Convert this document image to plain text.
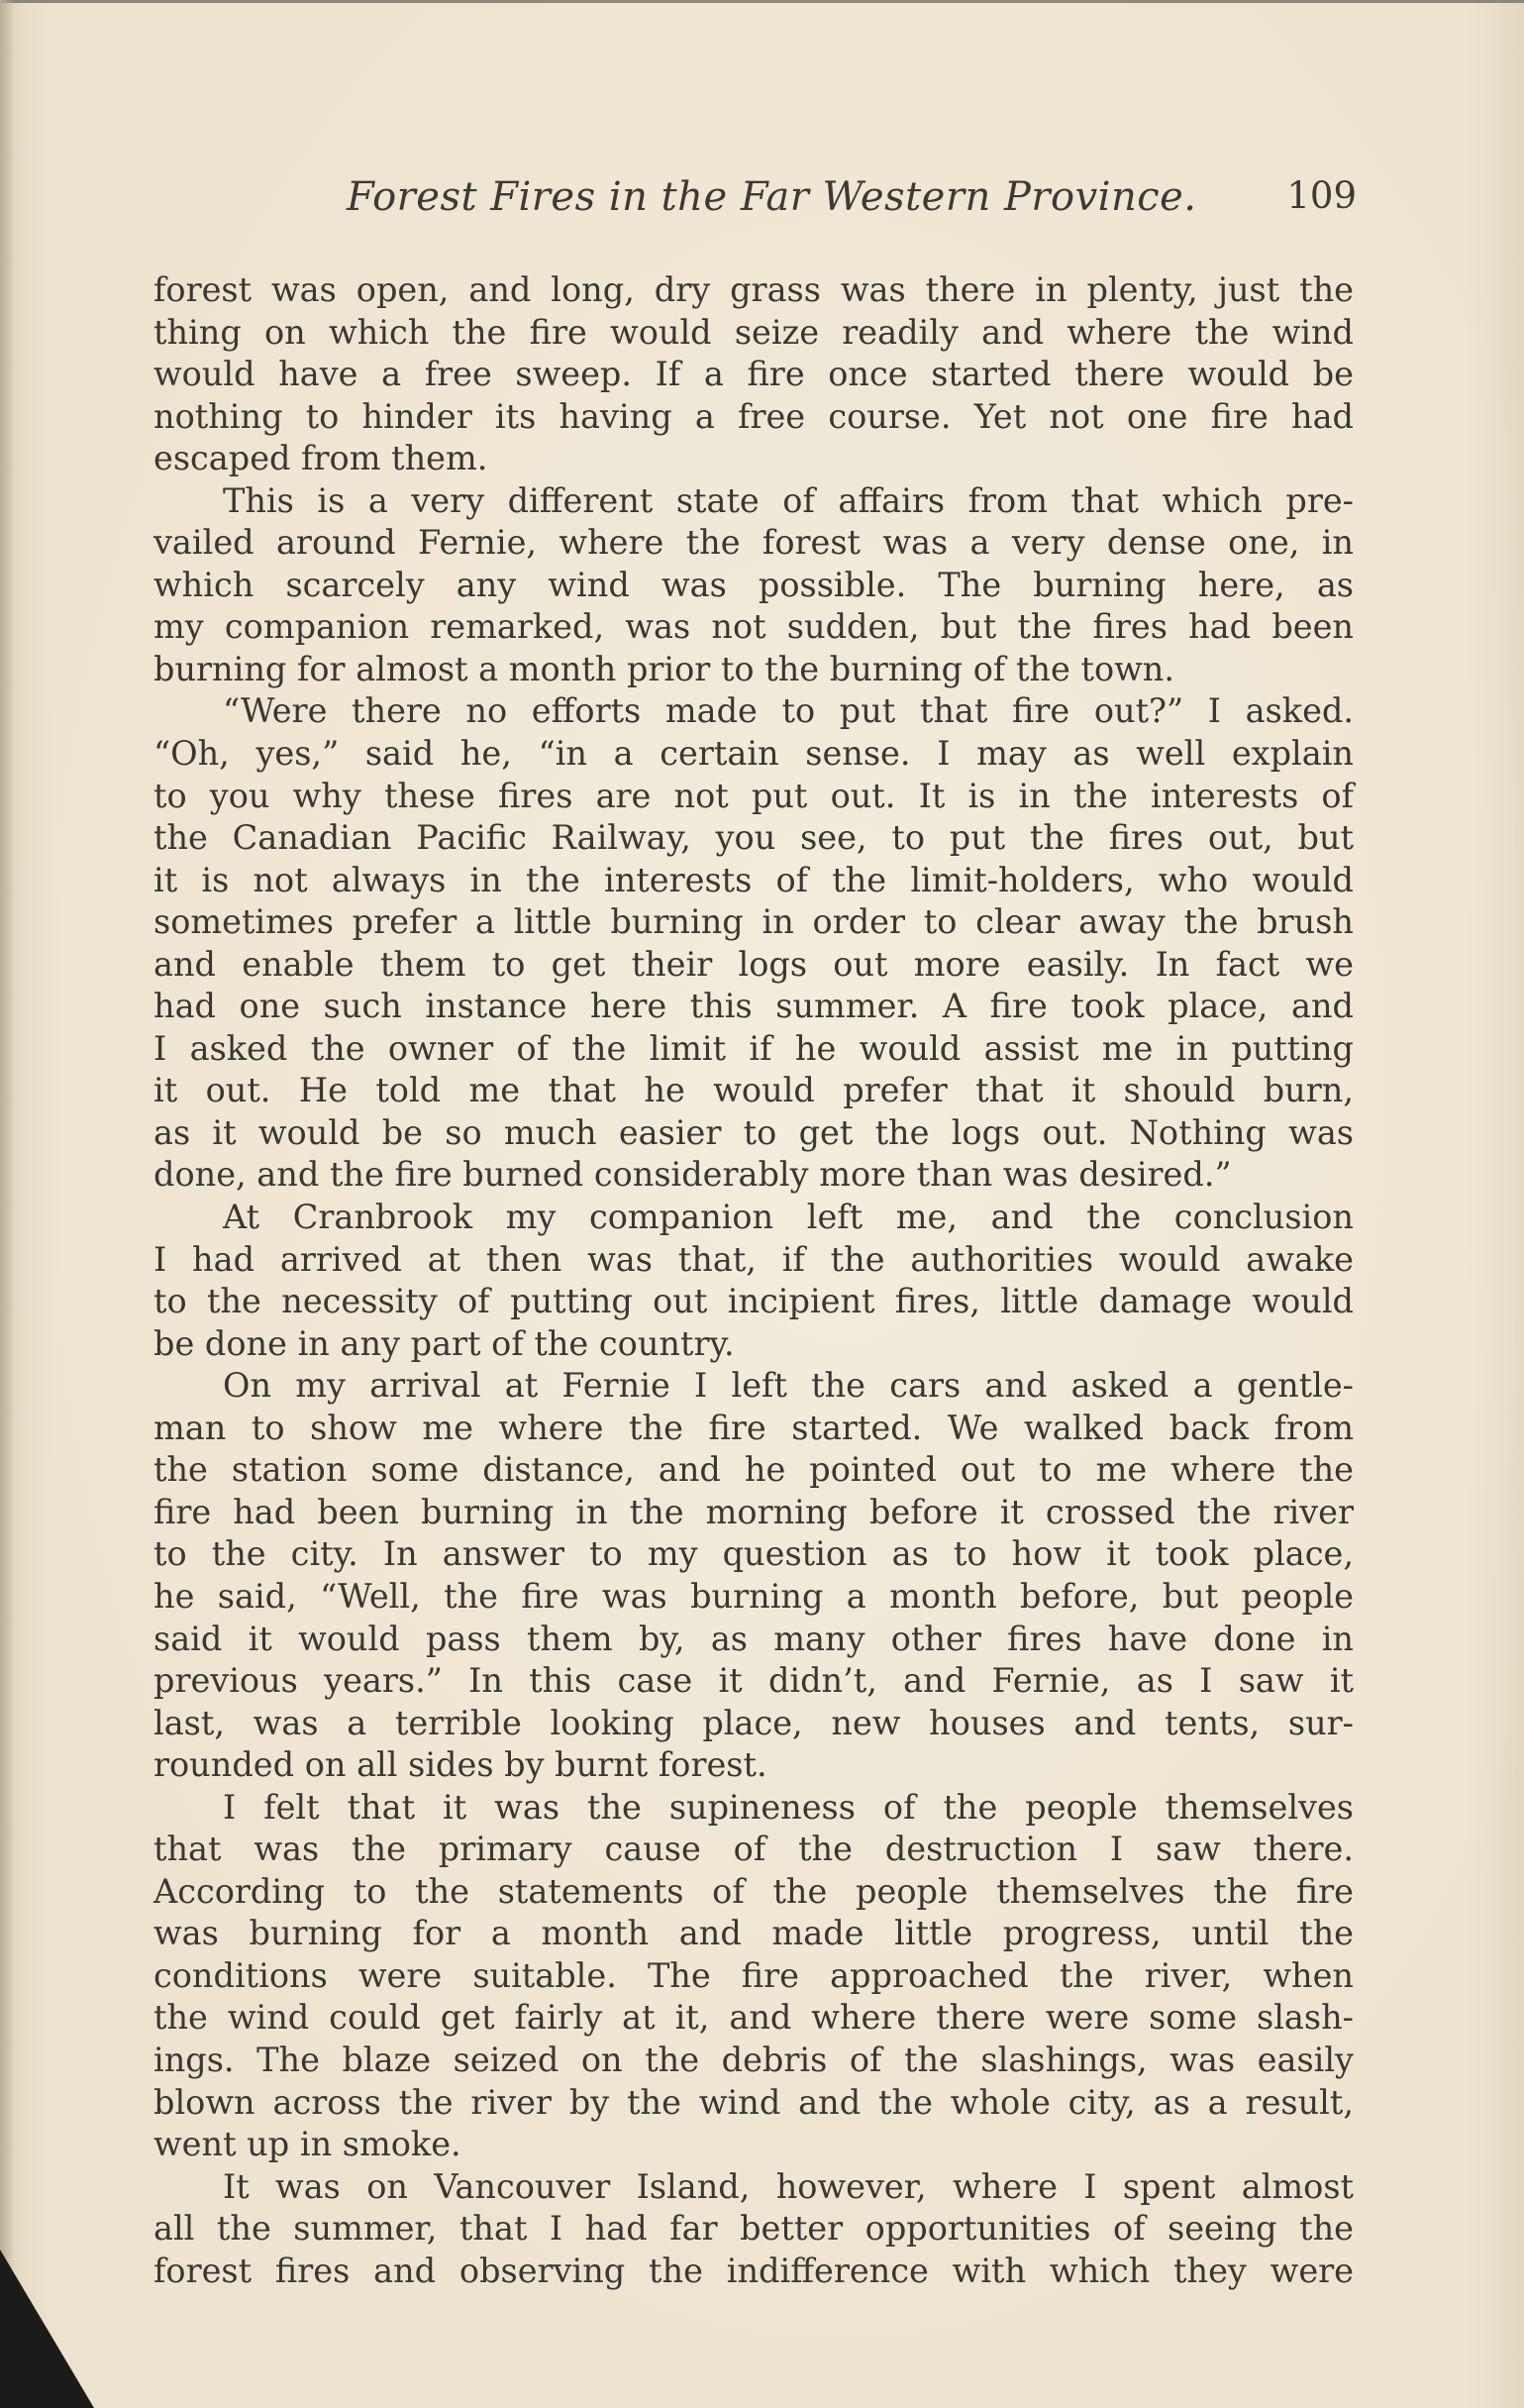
Forest Fires in the Far Western Province. 109
forest was open, and long, dry grass was there in plenty, just the
thing on which the fire would seize readily and where the wind
would have a free sweep. If a fire once started there would be
nothing to hinder its having a free course. Yet not one fire had
escaped from them.
This is a very different state of affairs from that which pre-
vailed around Fernie, where the forest was a very dense one, in
which scarcely any wind was possible. The burning here, as
my companion remarked, was not sudden, but the fires had been
burning for almost a month prior to the burning of the town.
“Were there no efforts made to put that fire out?” I asked.
“Oh, yes,” said he, “in a certain sense. I may as well explain
to you why these fires are not put out. It is in the interests of
the Canadian Pacific Railway, you see, to put the fires out, but
it is not always in the interests of the limit-holders, who would
sometimes prefer a little burning in order to clear away the brush
and enable them to get their logs out more easily. In fact we
had one such instance here this summer. A fire took place, and
I asked the owner of the limit if he would assist me in putting
it out. He told me that he would prefer that it should burn,
as it would be so much easier to get the logs out. Nothing was
done, and the fire burned considerably more than was desired.”
At Cranbrook my companion left me, and the conclusion
I had arrived at then was that, if the authorities would awake
to the necessity of putting out incipient fires, little damage would
be done in any part of the country.
On my arrival at Fernie I left the cars and asked a gentle-
man to show me where the fire started. We walked back from
the station some distance, and he pointed out to me where the
fire had been burning in the morning before it crossed the river
to the city. In answer to my question as to how it took place,
he said, “Well, the fire was burning a month before, but people
said it would pass them by, as many other fires have done in
previous years.” In this case it didn’t, and Fernie, as I saw it
last, was a terrible looking place, new houses and tents, sur-
rounded on all sides by burnt forest.
I felt that it was the supineness of the people themselves
that was the primary cause of the destruction I saw there.
According to the statements of the people themselves the fire
was burning for a month and made little progress, until the
conditions were suitable. The fire approached the river, when
the wind could get fairly at it, and where there were some slash-
ings. The blaze seized on the debris of the slashings, was easily
blown across the river by the wind and the whole city, as a result,
went up in smoke.
It was on Vancouver Island, however, where I spent almost
all the summer, that I had far better opportunities of seeing the
forest fires and observing the indifference with which they were
